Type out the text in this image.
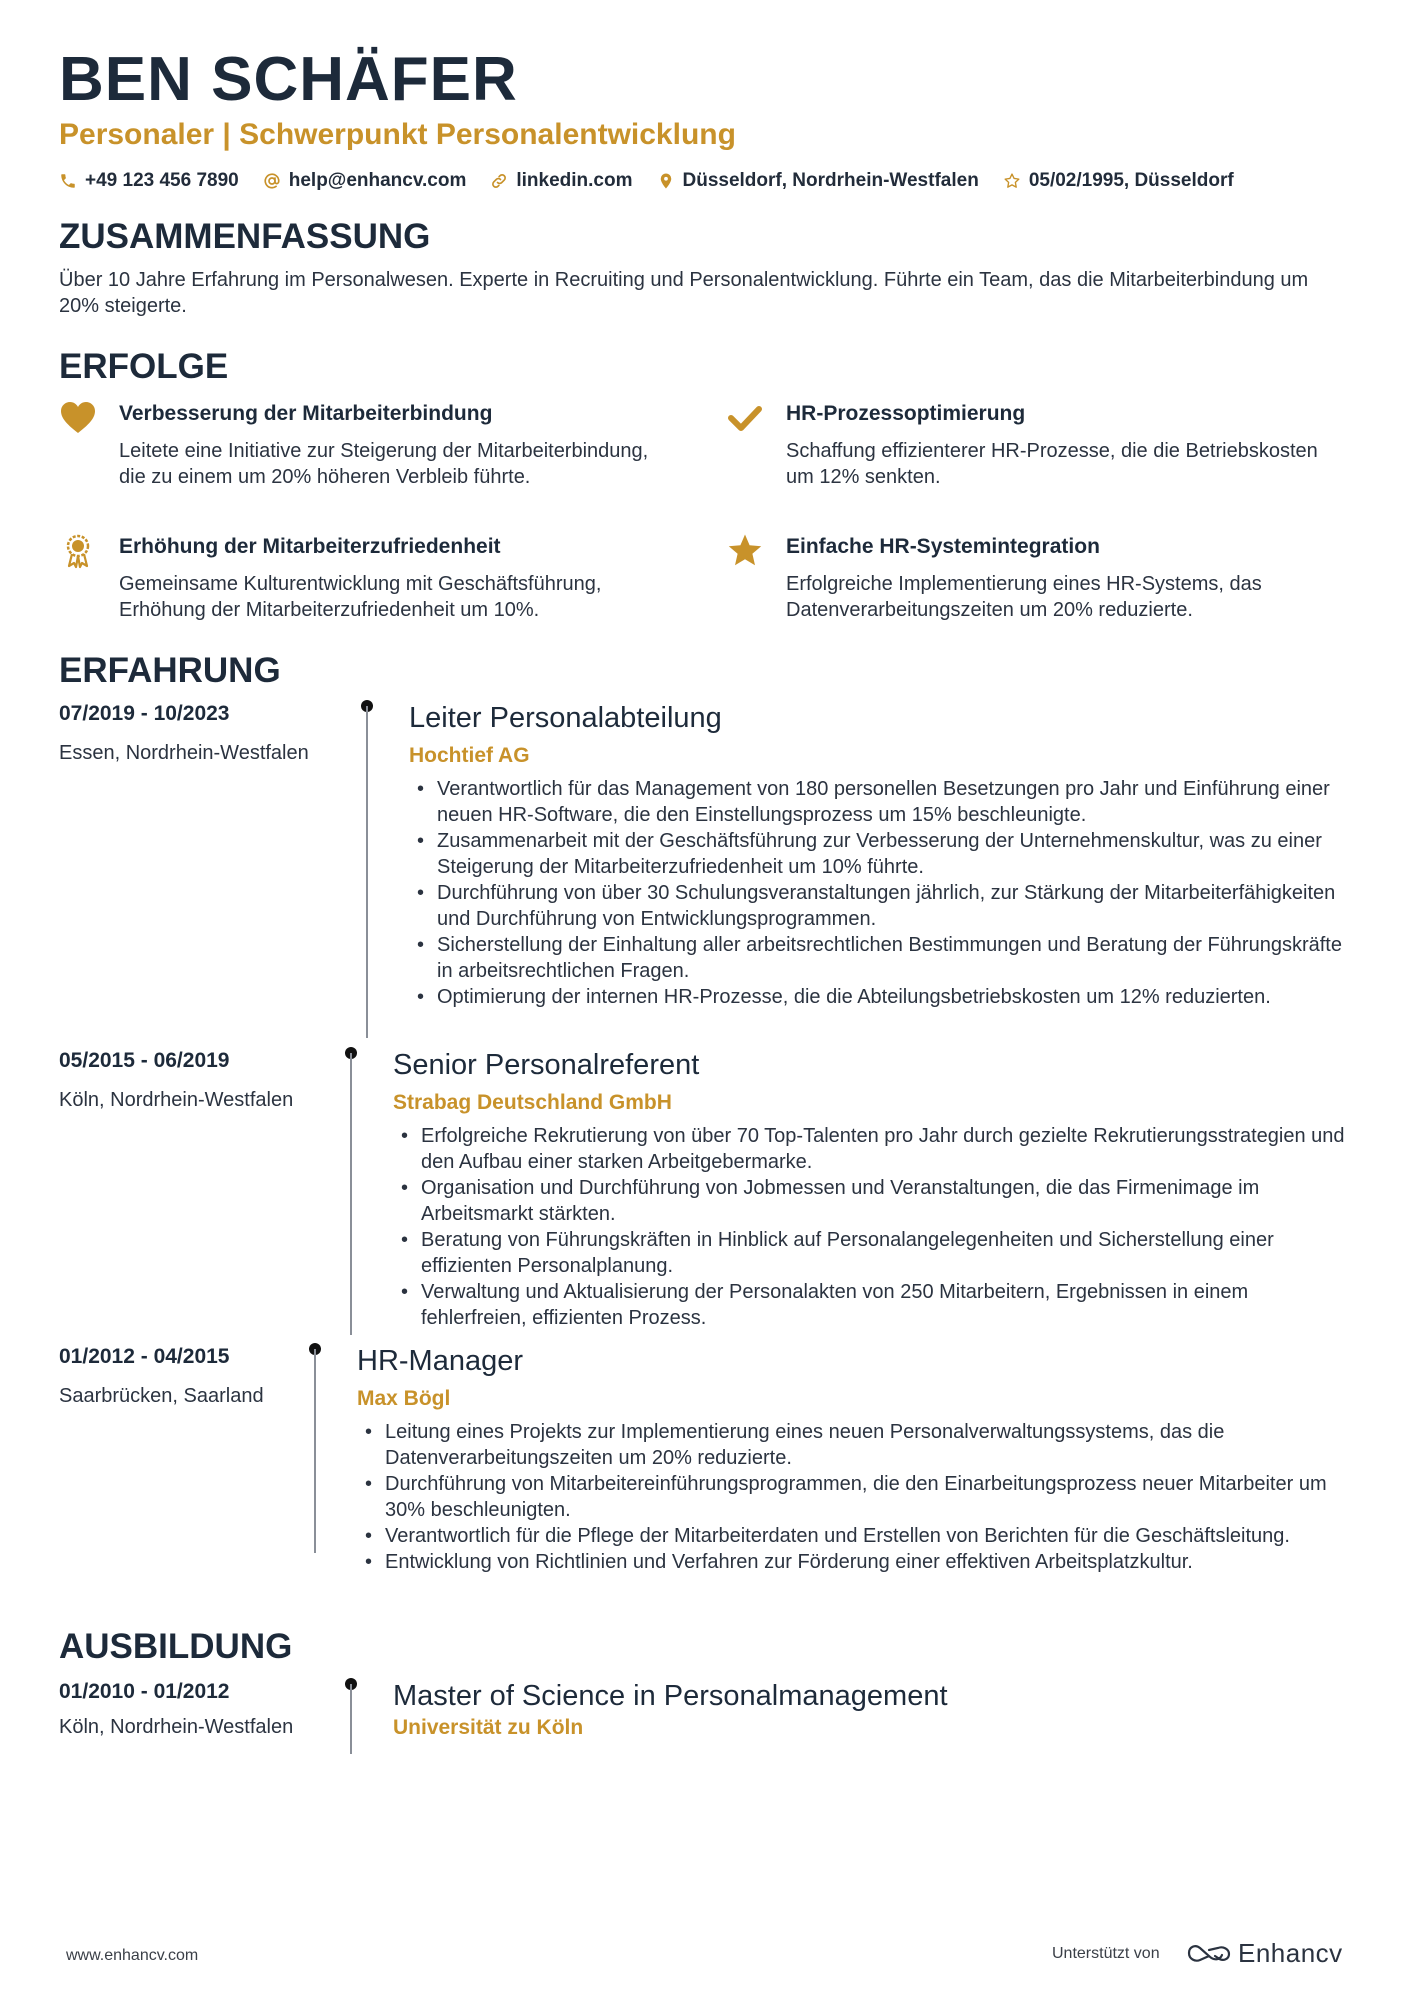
BEN SCHÄFER
Personaler | Schwerpunkt Personalentwicklung
+49 123 456 7890	help@enhancv.com	linkedin.com	Düsseldorf, Nordrhein-Westfalen	05/02/1995, Düsseldorf
ZUSAMMENFASSUNG

Über 10 Jahre Erfahrung im Personalwesen. Experte in Recruiting und Personalentwicklung. Führte ein Team, das die Mitarbeiterbindung um 20% steigerte.

ERFOLGE
Verbesserung der Mitarbeiterbindung

Leitete eine Initiative zur Steigerung der Mitarbeiterbindung, die zu einem um 20% höheren Verbleib führte.

HR-Prozessoptimierung

Schaffung effizienterer HR-Prozesse, die die Betriebskosten um 12% senkten.

Erhöhung der Mitarbeiterzufriedenheit

Gemeinsame Kulturentwicklung mit Geschäftsführung, Erhöhung der Mitarbeiterzufriedenheit um 10%.

Einfache HR-Systemintegration

Erfolgreiche Implementierung eines HR-Systems, das Datenverarbeitungszeiten um 20% reduzierte.

ERFAHRUNG
07/2019 - 10/2023
Essen, Nordrhein-Westfalen
Leiter Personalabteilung
Hochtief AG
• Verantwortlich für das Management von 180 personellen Besetzungen pro Jahr und Einführung einer neuen HR-Software, die den Einstellungsprozess um 15% beschleunigte.
• Zusammenarbeit mit der Geschäftsführung zur Verbesserung der Unternehmenskultur, was zu einer Steigerung der Mitarbeiterzufriedenheit um 10% führte.
• Durchführung von über 30 Schulungsveranstaltungen jährlich, zur Stärkung der Mitarbeiterfähigkeiten und Durchführung von Entwicklungsprogrammen.
• Sicherstellung der Einhaltung aller arbeitsrechtlichen Bestimmungen und Beratung der Führungskräfte in arbeitsrechtlichen Fragen.
• Optimierung der internen HR-Prozesse, die die Abteilungsbetriebskosten um 12% reduzierten.
05/2015 - 06/2019
Köln, Nordrhein-Westfalen
Senior Personalreferent
Strabag Deutschland GmbH
• Erfolgreiche Rekrutierung von über 70 Top-Talenten pro Jahr durch gezielte Rekrutierungsstrategien und den Aufbau einer starken Arbeitgebermarke.
• Organisation und Durchführung von Jobmessen und Veranstaltungen, die das Firmenimage im Arbeitsmarkt stärkten.
• Beratung von Führungskräften in Hinblick auf Personalangelegenheiten und Sicherstellung einer effizienten Personalplanung.
• Verwaltung und Aktualisierung der Personalakten von 250 Mitarbeitern, Ergebnissen in einem fehlerfreien, effizienten Prozess.
01/2012 - 04/2015
Saarbrücken, Saarland
HR-Manager
Max Bögl
• Leitung eines Projekts zur Implementierung eines neuen Personalverwaltungssystems, das die Datenverarbeitungszeiten um 20% reduzierte.
• Durchführung von Mitarbeitereinführungsprogrammen, die den Einarbeitungsprozess neuer Mitarbeiter um 30% beschleunigten.
• Verantwortlich für die Pflege der Mitarbeiterdaten und Erstellen von Berichten für die Geschäftsleitung.
• Entwicklung von Richtlinien und Verfahren zur Förderung einer effektiven Arbeitsplatzkultur.
AUSBILDUNG
01/2010 - 01/2012
Köln, Nordrhein-Westfalen
Master of Science in Personalmanagement
Universität zu Köln
www.enhancv.com	Unterstützt von	Enhancv
